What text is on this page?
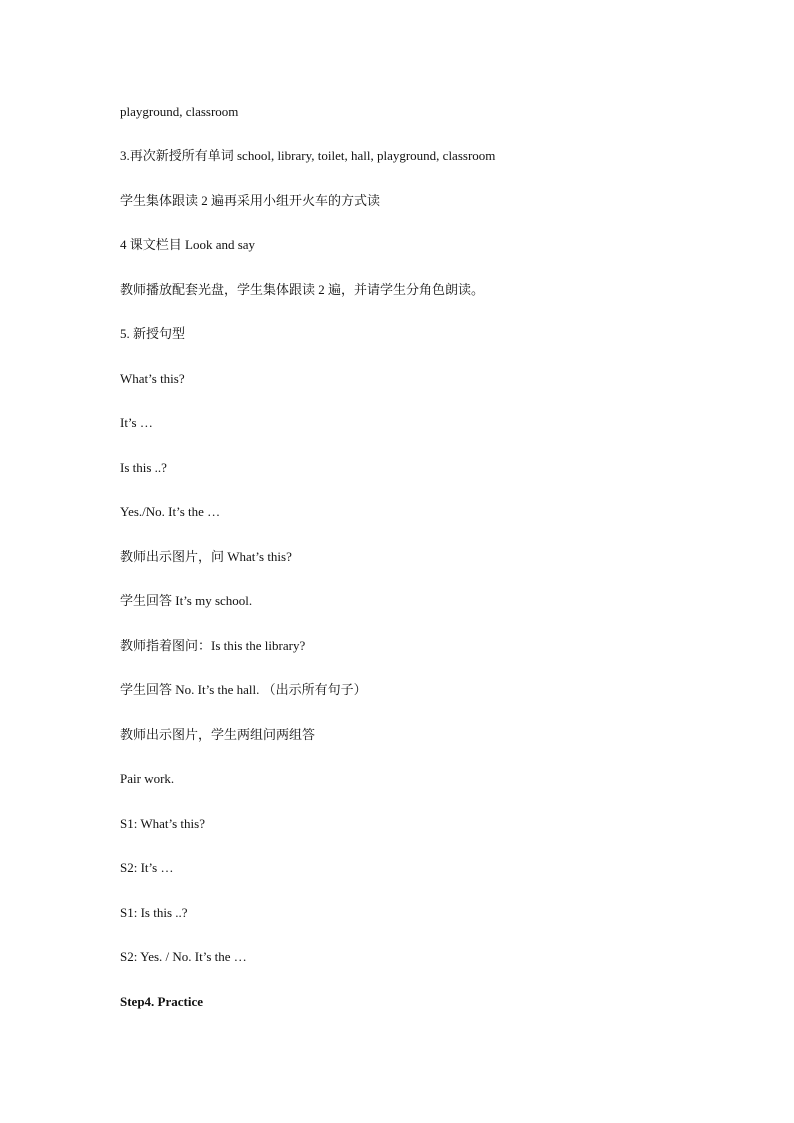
playground, classroom
3.再次新授所有单词 school, library, toilet, hall, playground, classroom
学生集体跟读 2 遍再采用小组开火车的方式读
4 课文栏目 Look and say
教师播放配套光盘，学生集体跟读 2 遍，并请学生分角色朗读。
5. 新授句型
What’s this?
It’s …
Is this ..?
Yes./No. It’s the …
教师出示图片，问 What’s this?
学生回答 It’s my school.
教师指着图问：Is this the library?
学生回答 No. It’s the hall. （出示所有句子）
教师出示图片，学生两组问两组答
Pair work.
S1: What’s this?
S2: It’s …
S1: Is this ..?
S2: Yes. / No. It’s the …
Step4. Practice
